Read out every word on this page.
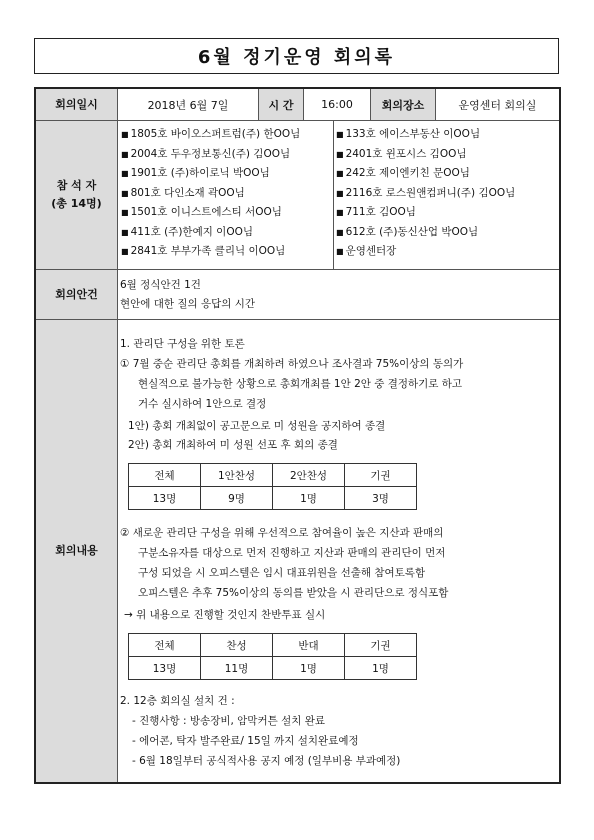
6월 정기운영 회의록
회의일시	2018년 6월 7일	시 간	16:00	회의장소	운영센터 회의실
참 석 자
(총 14명)
■ 1805호 바이오스퍼트럼(주) 한OO님
■ 2004호 두우정보통신(주) 김OO님
■ 1901호 (주)하이로닉 박OO님
■ 801호 다인소재 곽OO님
■ 1501호 이니스트에스티 서OO님
■ 411호 (주)한예지 이OO님
■ 2841호 부부가족 클리닉 이OO님
■ 133호 에이스부동산 이OO님
■ 2401호 윈포시스 김OO님
■ 242호 제이엔키친 문OO님
■ 2116호 로스원앤컴퍼니(주) 김OO님
■ 711호 김OO님
■ 612호 (주)동신산업 박OO님
■ 운영센터장
회의안건
6월 정식안건 1건
현안에 대한 질의 응답의 시간
회의내용
1. 관리단 구성을 위한 토론
① 7월 중순 관리단 총회를 개최하려 하였으나 조사결과 75%이상의 동의가
현실적으로 불가능한 상황으로 총회개최를 1안 2안 중 결정하기로 하고
거수 실시하여 1안으로 결정
1안) 총회 개최없이 공고문으로 미 성원을 공지하여 종결
2안) 총회 개최하여 미 성원 선포 후 회의 종결
전체	1안찬성	2안찬성	기권
13명	9명	1명	3명
② 새로운 관리단 구성을 위해 우선적으로 참여율이 높은 지산과 판매의
구분소유자를 대상으로 먼저 진행하고 지산과 판매의 관리단이 먼저
구성 되었을 시 오피스텔은 임시 대표위원을 선출해 참여토록함
오피스텔은 추후 75%이상의 동의를 받았을 시 관리단으로 정식포함
→ 위 내용으로 진행할 것인지 찬반투표 실시
전체	찬성	반대	기권
13명	11명	1명	1명
2. 12층 회의실 설치 건 :
- 진행사항 : 방송장비, 암막커튼 설치 완료
- 에어콘, 탁자 발주완료/ 15일 까지 설치완료예정
- 6월 18일부터 공식적사용 공지 예정 (일부비용 부과예정)
